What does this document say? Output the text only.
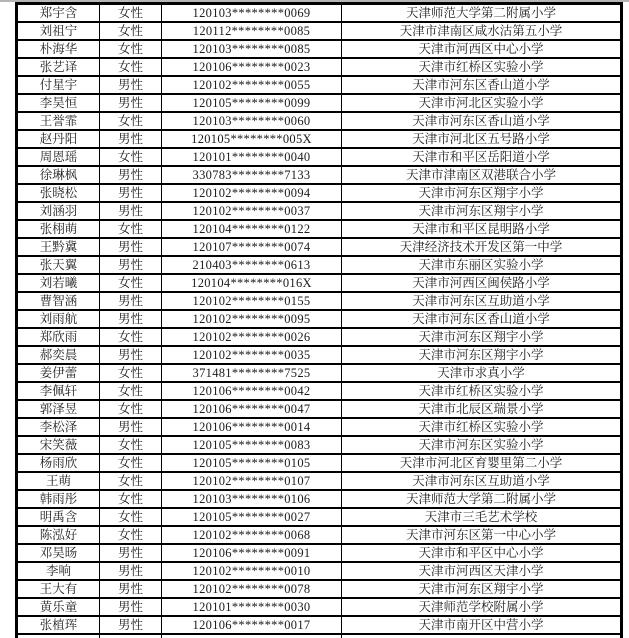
郑宇含	女性	120103********0069	天津师范大学第二附属小学
刘祖宁	女性	120112********0085	天津市津南区咸水沽第五小学
朴海华	女性	120103********0085	天津市河西区中心小学
张艺译	女性	120106********0023	天津市红桥区实验小学
付星宇	男性	120102********0055	天津市河东区香山道小学
李昊恒	男性	120105********0099	天津市河北区实验小学
王誉霏	女性	120103********0060	天津市河东区香山道小学
赵丹阳	男性	120105********005X	天津市河北区五号路小学
周恩瑶	女性	120101********0040	天津市和平区岳阳道小学
徐琳枫	男性	330783********7133	天津市津南区双港联合小学
张晓松	男性	120102********0094	天津市河东区翔宇小学
刘涵羽	男性	120102********0037	天津市河东区翔宇小学
张栩萌	女性	120104********0122	天津市和平区昆明路小学
王黔冀	男性	120107********0074	天津经济技术开发区第一中学
张天翼	男性	210403********0613	天津市东丽区实验小学
刘若曦	女性	120104********016X	天津市河西区闽侯路小学
曹智涵	男性	120102********0155	天津市河东区互助道小学
刘雨航	男性	120102********0095	天津市河东区香山道小学
郑欣雨	女性	120102********0026	天津市河东区翔宇小学
郝奕晨	男性	120102********0035	天津市河东区翔宇小学
姜伊蕾	女性	371481********7525	天津市求真小学
李佩轩	女性	120106********0042	天津市红桥区实验小学
郭泽昱	女性	120106********0047	天津市北辰区瑞景小学
李松泽	男性	120106********0014	天津市红桥区实验小学
宋笑薇	女性	120105********0083	天津市河东区实验小学
杨雨欣	女性	120105********0105	天津市河北区育婴里第二小学
王萌	女性	120102********0107	天津市河东区互助道小学
韩雨彤	女性	120103********0106	天津师范大学第二附属小学
明禹含	女性	120105********0027	天津市三毛艺术学校
陈泓好	女性	120102********0068	天津市河东区第一中心小学
邓昊旸	男性	120106********0091	天津市和平区中心小学
李响	男性	120102********0010	天津市河西区天津小学
王大有	男性	120102********0078	天津市河东区翔宇小学
黄乐童	男性	120101********0030	天津师范学校附属小学
张植珲	男性	120106********0017	天津市南开区中营小学
